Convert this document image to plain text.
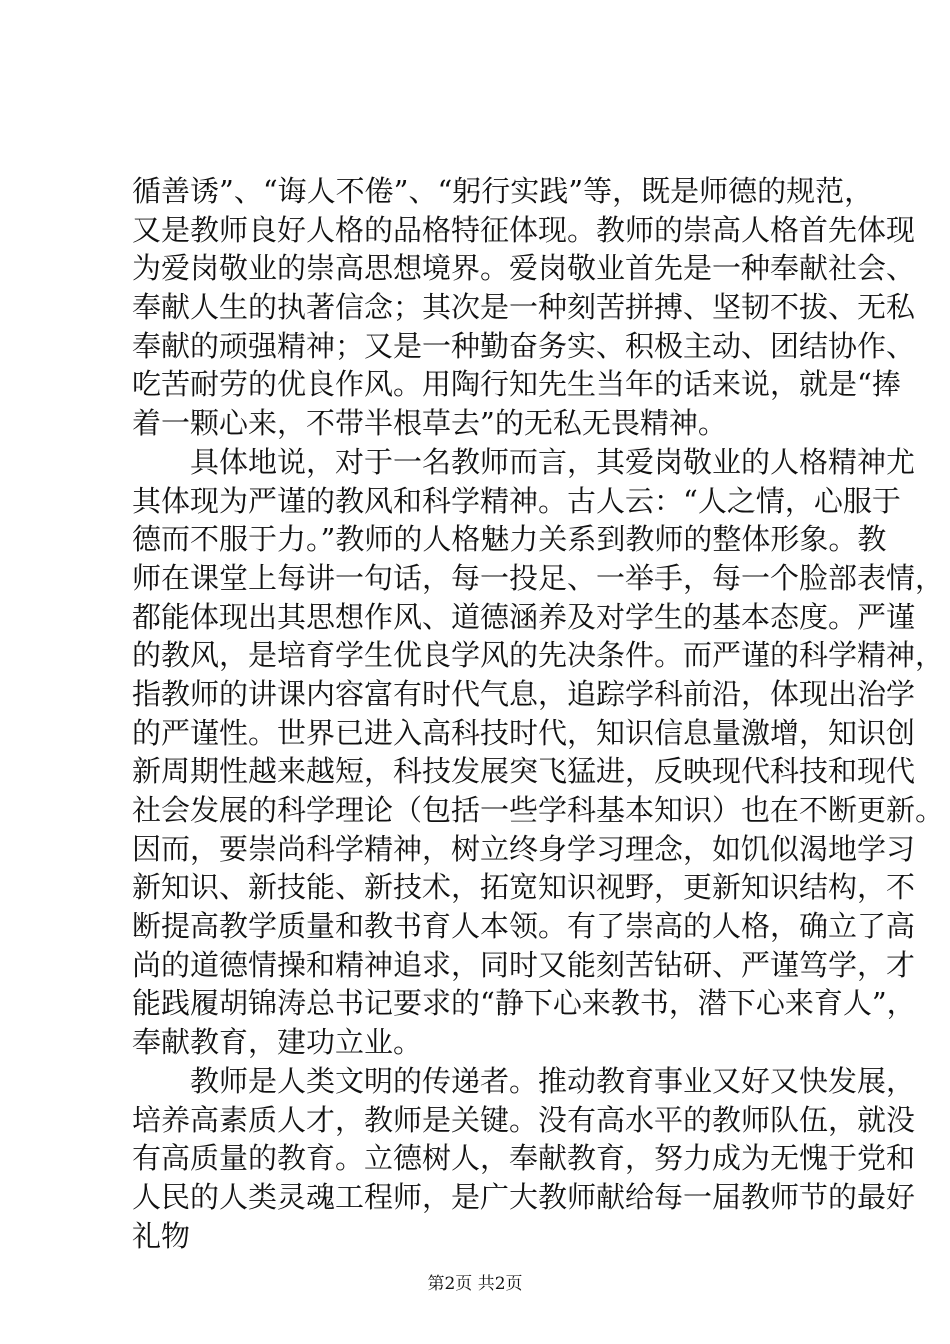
循善诱”、“诲人不倦”、“躬行实践”等，既是师德的规范，
又是教师良好人格的品格特征体现。教师的崇高人格首先体现
为爱岗敬业的崇高思想境界。爱岗敬业首先是一种奉献社会、
奉献人生的执著信念；其次是一种刻苦拼搏、坚韧不拔、无私
奉献的顽强精神；又是一种勤奋务实、积极主动、团结协作、
吃苦耐劳的优良作风。用陶行知先生当年的话来说，就是“捧
着一颗心来，不带半根草去”的无私无畏精神。
具体地说，对于一名教师而言，其爱岗敬业的人格精神尤
其体现为严谨的教风和科学精神。古人云：“人之情，心服于
德而不服于力。”教师的人格魅力关系到教师的整体形象。教
师在课堂上每讲一句话，每一投足、一举手，每一个脸部表情，
都能体现出其思想作风、道德涵养及对学生的基本态度。严谨
的教风，是培育学生优良学风的先决条件。而严谨的科学精神，
指教师的讲课内容富有时代气息，追踪学科前沿，体现出治学
的严谨性。世界已进入高科技时代，知识信息量激增，知识创
新周期性越来越短，科技发展突飞猛进，反映现代科技和现代
社会发展的科学理论（包括一些学科基本知识）也在不断更新。
因而，要崇尚科学精神，树立终身学习理念，如饥似渴地学习
新知识、新技能、新技术，拓宽知识视野，更新知识结构，不
断提高教学质量和教书育人本领。有了崇高的人格，确立了高
尚的道德情操和精神追求，同时又能刻苦钻研、严谨笃学，才
能践履胡锦涛总书记要求的“静下心来教书，潜下心来育人”，
奉献教育，建功立业。
教师是人类文明的传递者。推动教育事业又好又快发展，
培养高素质人才，教师是关键。没有高水平的教师队伍，就没
有高质量的教育。立德树人，奉献教育，努力成为无愧于党和
人民的人类灵魂工程师，是广大教师献给每一届教师节的最好
礼物
第2页 共2页
